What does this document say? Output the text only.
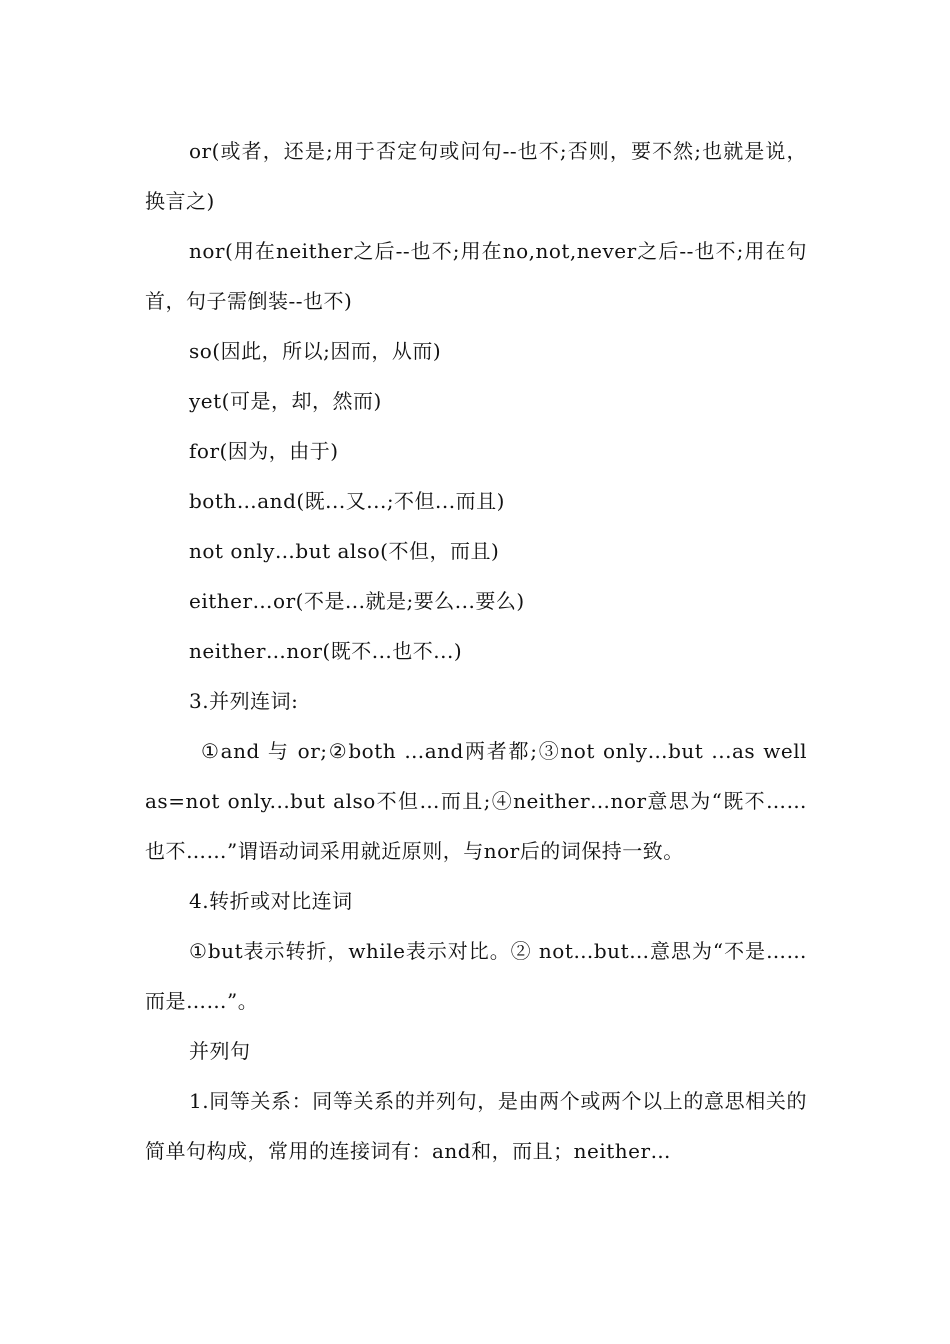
or(或者，还是;用于否定句或问句--也不;否则，要不然;也就是说，换言之)

nor(用在neither之后--也不;用在no,not,never之后--也不;用在句首，句子需倒装--也不)

so(因此，所以;因而，从而)

yet(可是，却，然而)

for(因为，由于)

both…and(既...又...;不但...而且)

not only…but also(不但，而且)

either…or(不是...就是;要么...要么)

neither…nor(既不...也不...)

3.并列连词:

①and 与 or;②both …and两者都;③not only…but ...as well as=not only...but also不但…而且;④neither…nor意思为“既不……也不……”谓语动词采用就近原则，与nor后的词保持一致。

4.转折或对比连词

①but表示转折，while表示对比。② not…but…意思为“不是……而是……”。

并列句

1.同等关系：同等关系的并列句，是由两个或两个以上的意思相关的简单句构成，常用的连接词有：and和，而且；neither…
